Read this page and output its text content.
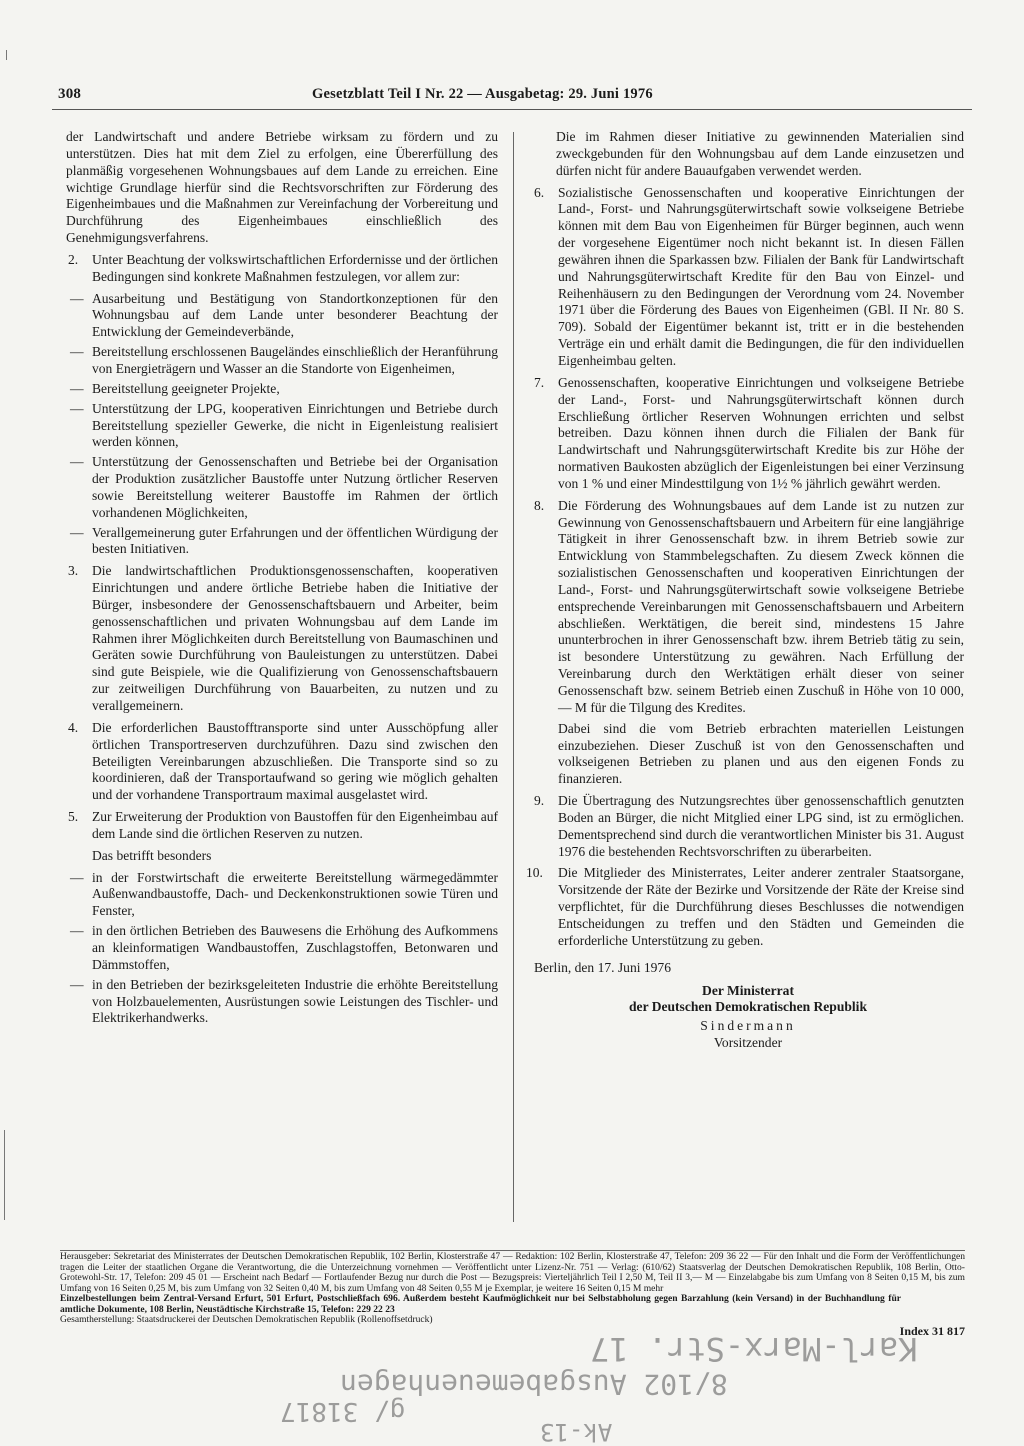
308	Gesetzblatt Teil I Nr. 22 — Ausgabetag: 29. Juni 1976

der Landwirtschaft und andere Betriebe wirksam zu fördern und zu unterstützen. Dies hat mit dem Ziel zu erfolgen, eine Übererfüllung des planmäßig vorgesehenen Wohnungsbaues auf dem Lande zu erreichen. Eine wichtige Grundlage hierfür sind die Rechtsvorschriften zur Förderung des Eigenheimbaues und die Maßnahmen zur Vereinfachung der Vorbereitung und Durchführung des Eigenheimbaues einschließlich des Genehmigungsverfahrens.

2. Unter Beachtung der volkswirtschaftlichen Erfordernisse und der örtlichen Bedingungen sind konkrete Maßnahmen festzulegen, vor allem zur:

— Ausarbeitung und Bestätigung von Standortkonzeptionen für den Wohnungsbau auf dem Lande unter besonderer Beachtung der Entwicklung der Gemeindeverbände,

— Bereitstellung erschlossenen Baugeländes einschließlich der Heranführung von Energieträgern und Wasser an die Standorte von Eigenheimen,

— Bereitstellung geeigneter Projekte,

— Unterstützung der LPG, kooperativen Einrichtungen und Betriebe durch Bereitstellung spezieller Gewerke, die nicht in Eigenleistung realisiert werden können,

— Unterstützung der Genossenschaften und Betriebe bei der Organisation der Produktion zusätzlicher Baustoffe unter Nutzung örtlicher Reserven sowie Bereitstellung weiterer Baustoffe im Rahmen der örtlich vorhandenen Möglichkeiten,

— Verallgemeinerung guter Erfahrungen und der öffentlichen Würdigung der besten Initiativen.

3. Die landwirtschaftlichen Produktionsgenossenschaften, kooperativen Einrichtungen und andere örtliche Betriebe haben die Initiative der Bürger, insbesondere der Genossenschaftsbauern und Arbeiter, beim genossenschaftlichen und privaten Wohnungsbau auf dem Lande im Rahmen ihrer Möglichkeiten durch Bereitstellung von Baumaschinen und Geräten sowie Durchführung von Bauleistungen zu unterstützen. Dabei sind gute Beispiele, wie die Qualifizierung von Genossenschaftsbauern zur zeitweiligen Durchführung von Bauarbeiten, zu nutzen und zu verallgemeinern.

4. Die erforderlichen Baustofftransporte sind unter Ausschöpfung aller örtlichen Transportreserven durchzuführen. Dazu sind zwischen den Beteiligten Vereinbarungen abzuschließen. Die Transporte sind so zu koordinieren, daß der Transportaufwand so gering wie möglich gehalten und der vorhandene Transportraum maximal ausgelastet wird.

5. Zur Erweiterung der Produktion von Baustoffen für den Eigenheimbau auf dem Lande sind die örtlichen Reserven zu nutzen.

Das betrifft besonders

— in der Forstwirtschaft die erweiterte Bereitstellung wärmegedämmter Außenwandbaustoffe, Dach- und Deckenkonstruktionen sowie Türen und Fenster,

— in den örtlichen Betrieben des Bauwesens die Erhöhung des Aufkommens an kleinformatigen Wandbaustoffen, Zuschlagstoffen, Betonwaren und Dämmstoffen,

— in den Betrieben der bezirksgeleiteten Industrie die erhöhte Bereitstellung von Holzbauelementen, Ausrüstungen sowie Leistungen des Tischler- und Elektrikerhandwerks.

Die im Rahmen dieser Initiative zu gewinnenden Materialien sind zweckgebunden für den Wohnungsbau auf dem Lande einzusetzen und dürfen nicht für andere Bauaufgaben verwendet werden.

6. Sozialistische Genossenschaften und kooperative Einrichtungen der Land-, Forst- und Nahrungsgüterwirtschaft sowie volkseigene Betriebe können mit dem Bau von Eigenheimen für Bürger beginnen, auch wenn der vorgesehene Eigentümer noch nicht bekannt ist. In diesen Fällen gewähren ihnen die Sparkassen bzw. Filialen der Bank für Landwirtschaft und Nahrungsgüterwirtschaft Kredite für den Bau von Einzel- und Reihenhäusern zu den Bedingungen der Verordnung vom 24. November 1971 über die Förderung des Baues von Eigenheimen (GBl. II Nr. 80 S. 709). Sobald der Eigentümer bekannt ist, tritt er in die bestehenden Verträge ein und erhält damit die Bedingungen, die für den individuellen Eigenheimbau gelten.

7. Genossenschaften, kooperative Einrichtungen und volkseigene Betriebe der Land-, Forst- und Nahrungsgüterwirtschaft können durch Erschließung örtlicher Reserven Wohnungen errichten und selbst betreiben. Dazu können ihnen durch die Filialen der Bank für Landwirtschaft und Nahrungsgüterwirtschaft Kredite bis zur Höhe der normativen Baukosten abzüglich der Eigenleistungen bei einer Verzinsung von 1 % und einer Mindesttilgung von 1½ % jährlich gewährt werden.

8. Die Förderung des Wohnungsbaues auf dem Lande ist zu nutzen zur Gewinnung von Genossenschaftsbauern und Arbeitern für eine langjährige Tätigkeit in ihrer Genossenschaft bzw. in ihrem Betrieb sowie zur Entwicklung von Stammbelegschaften. Zu diesem Zweck können die sozialistischen Genossenschaften und kooperativen Einrichtungen der Land-, Forst- und Nahrungsgüterwirtschaft sowie volkseigene Betriebe entsprechende Vereinbarungen mit Genossenschaftsbauern und Arbeitern abschließen. Werktätigen, die bereit sind, mindestens 15 Jahre ununterbrochen in ihrer Genossenschaft bzw. ihrem Betrieb tätig zu sein, ist besondere Unterstützung zu gewähren. Nach Erfüllung der Vereinbarung durch den Werktätigen erhält dieser von seiner Genossenschaft bzw. seinem Betrieb einen Zuschuß in Höhe von 10 000,— M für die Tilgung des Kredites.

Dabei sind die vom Betrieb erbrachten materiellen Leistungen einzubeziehen. Dieser Zuschuß ist von den Genossenschaften und volkseigenen Betrieben zu planen und aus den eigenen Fonds zu finanzieren.

9. Die Übertragung des Nutzungsrechtes über genossenschaftlich genutzten Boden an Bürger, die nicht Mitglied einer LPG sind, ist zu ermöglichen. Dementsprechend sind durch die verantwortlichen Minister bis 31. August 1976 die bestehenden Rechtsvorschriften zu überarbeiten.

10. Die Mitglieder des Ministerrates, Leiter anderer zentraler Staatsorgane, Vorsitzende der Räte der Bezirke und Vorsitzende der Räte der Kreise sind verpflichtet, für die Durchführung dieses Beschlusses die notwendigen Entscheidungen zu treffen und den Städten und Gemeinden die erforderliche Unterstützung zu geben.

Berlin, den 17. Juni 1976

Der Ministerrat

der Deutschen Demokratischen Republik

Sindermann

Vorsitzender

Herausgeber: Sekretariat des Ministerrates der Deutschen Demokratischen Republik, 102 Berlin, Klosterstraße 47 — Redaktion: 102 Berlin, Klosterstraße 47, Telefon: 209 36 22 — Für den Inhalt und die Form der Veröffentlichungen tragen die Leiter der staatlichen Organe die Verantwortung, die die Unterzeichnung vornehmen — Veröffentlicht unter Lizenz-Nr. 751 — Verlag: (610/62) Staatsverlag der Deutschen Demokratischen Republik, 108 Berlin, Otto-Grotewohl-Str. 17, Telefon: 209 45 01 — Erscheint nach Bedarf — Fortlaufender Bezug nur durch die Post — Bezugspreis: Vierteljährlich Teil I 2,50 M, Teil II 3,— M — Einzelabgabe bis zum Umfang von 8 Seiten 0,15 M, bis zum Umfang von 16 Seiten 0,25 M, bis zum Umfang von 32 Seiten 0,40 M, bis zum Umfang von 48 Seiten 0,55 M je Exemplar, je weitere 16 Seiten 0,15 M mehr

Einzelbestellungen beim Zentral-Versand Erfurt, 501 Erfurt, Postschließfach 696. Außerdem besteht Kaufmöglichkeit nur bei Selbstabholung gegen Barzahlung (kein Versand) in der Buchhandlung für amtliche Dokumente, 108 Berlin, Neustädtische Kirchstraße 15, Telefon: 229 22 23

Gesamtherstellung: Staatsdruckerei der Deutschen Demokratischen Republik (Rollenoffsetdruck)

Index 31 817
Karl-Marx-Str. 17
8/102 Ausgabemeuenhagen
g/ 31817
Ak-13
